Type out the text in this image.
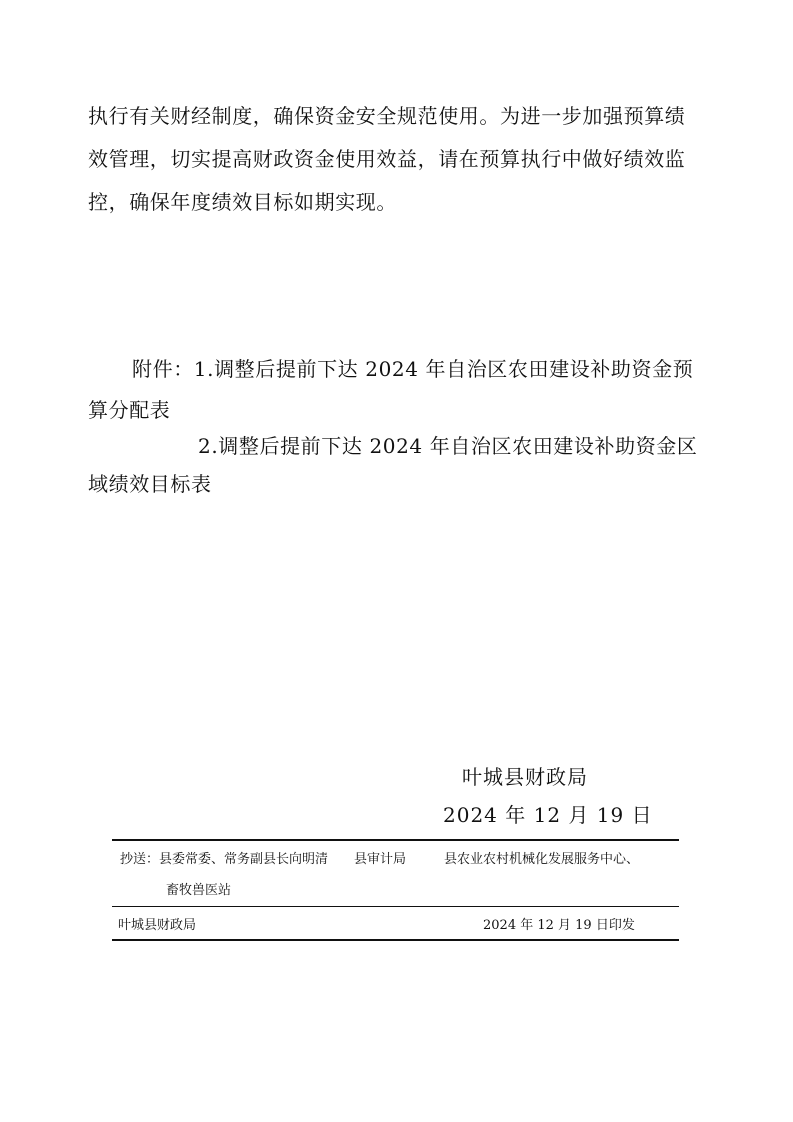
执行有关财经制度，确保资金安全规范使用。为进一步加强预算绩
效管理，切实提高财政资金使用效益，请在预算执行中做好绩效监
控，确保年度绩效目标如期实现。
附件：1.调整后提前下达 2024 年自治区农田建设补助资金预
算分配表
2.调整后提前下达 2024 年自治区农田建设补助资金区
域绩效目标表
叶城县财政局
2024 年 12 月 19 日
抄送：县委常委、常务副县长向明清 县审计局	县农业农村机械化发展服务中心、
畜牧兽医站
叶城县财政局	2024 年 12 月 19 日印发
